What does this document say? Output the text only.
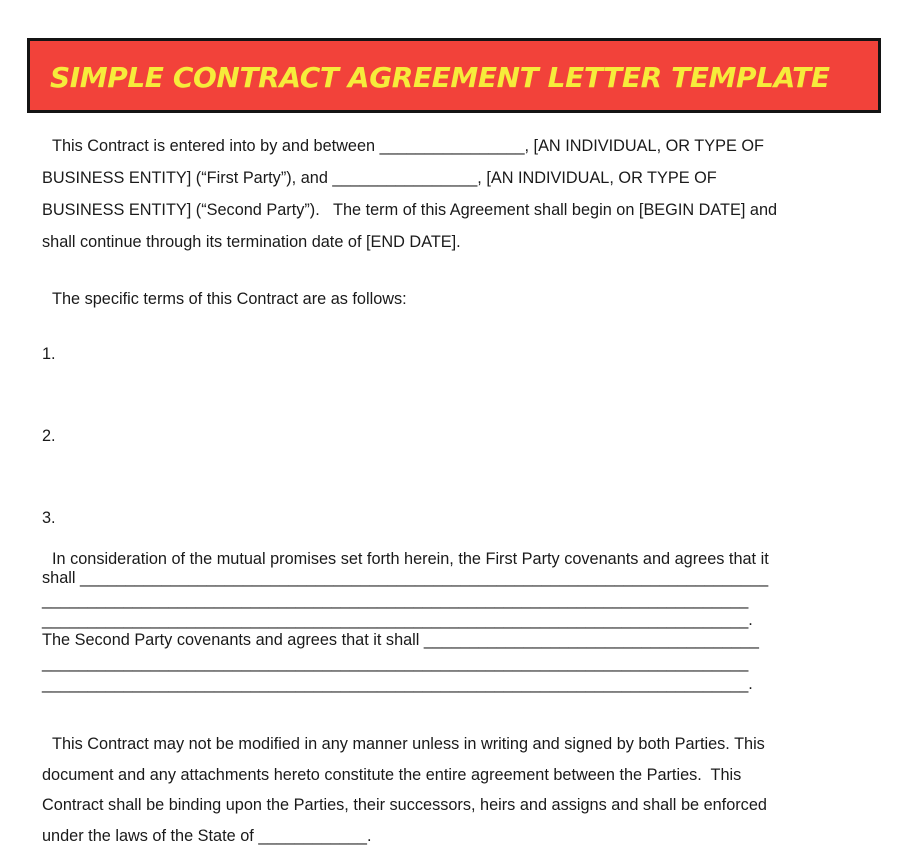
SIMPLE CONTRACT AGREEMENT LETTER TEMPLATE

This Contract is entered into by and between ________________, [AN INDIVIDUAL, OR TYPE OF

BUSINESS ENTITY] (“First Party”), and ________________, [AN INDIVIDUAL, OR TYPE OF

BUSINESS ENTITY] (“Second Party”).   The term of this Agreement shall begin on [BEGIN DATE] and

shall continue through its termination date of [END DATE].

The specific terms of this Contract are as follows:

1.

2.

3.

In consideration of the mutual promises set forth herein, the First Party covenants and agrees that it

shall ____________________________________________________________________________

______________________________________________________________________________

______________________________________________________________________________.

The Second Party covenants and agrees that it shall _____________________________________

______________________________________________________________________________

______________________________________________________________________________.

This Contract may not be modified in any manner unless in writing and signed by both Parties. This

document and any attachments hereto constitute the entire agreement between the Parties.  This

Contract shall be binding upon the Parties, their successors, heirs and assigns and shall be enforced

under the laws of the State of ____________.
